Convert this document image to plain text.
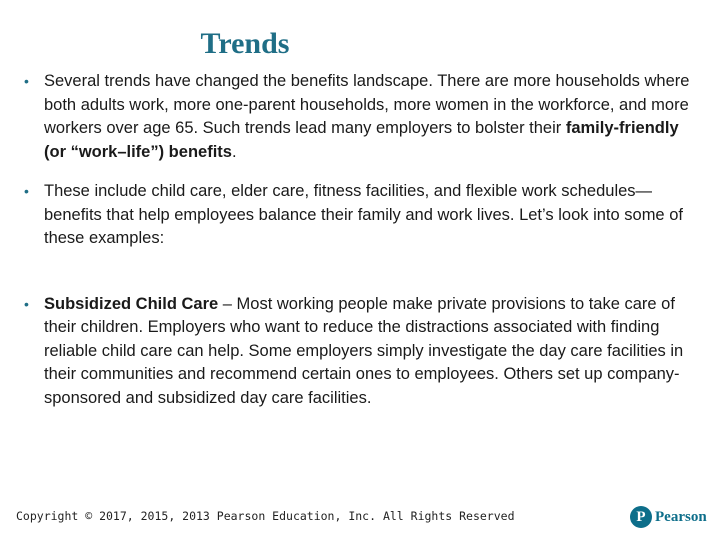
Trends
• Several trends have changed the benefits landscape. There are more households where both adults work, more one-parent households, more women in the workforce, and more workers over age 65. Such trends lead many employers to bolster their family-friendly (or “work–life”) benefits.
• These include child care, elder care, fitness facilities, and flexible work schedules—benefits that help employees balance their family and work lives. Let’s look into some of these examples:
• Subsidized Child Care – Most working people make private provisions to take care of their children. Employers who want to reduce the distractions associated with finding reliable child care can help. Some employers simply investigate the day care facilities in their communities and recommend certain ones to employees. Others set up company-sponsored and subsidized day care facilities.
Copyright © 2017, 2015, 2013 Pearson Education, Inc. All Rights Reserved	P Pearson
